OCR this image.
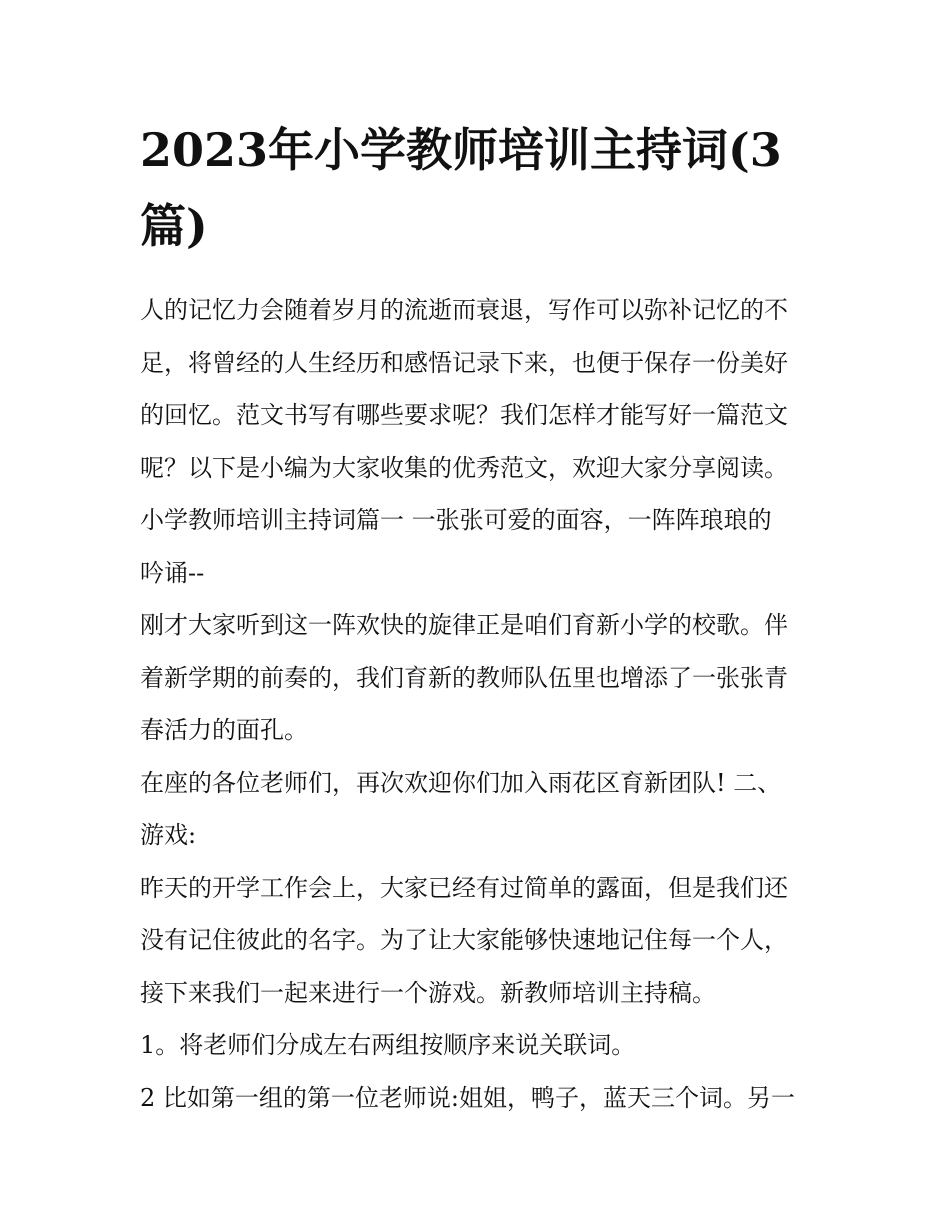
2023年小学教师培训主持词(3
篇)
人的记忆力会随着岁月的流逝而衰退，写作可以弥补记忆的不
足，将曾经的人生经历和感悟记录下来，也便于保存一份美好
的回忆。范文书写有哪些要求呢？我们怎样才能写好一篇范文
呢？以下是小编为大家收集的优秀范文，欢迎大家分享阅读。
小学教师培训主持词篇一 一张张可爱的面容，一阵阵琅琅的
吟诵--
刚才大家听到这一阵欢快的旋律正是咱们育新小学的校歌。伴
着新学期的前奏的，我们育新的教师队伍里也增添了一张张青
春活力的面孔。
在座的各位老师们，再次欢迎你们加入雨花区育新团队! 二、
游戏:
昨天的开学工作会上，大家已经有过简单的露面，但是我们还
没有记住彼此的名字。为了让大家能够快速地记住每一个人，
接下来我们一起来进行一个游戏。新教师培训主持稿。
1。将老师们分成左右两组按顺序来说关联词。
2 比如第一组的第一位老师说:姐姐，鸭子，蓝天三个词。另一
